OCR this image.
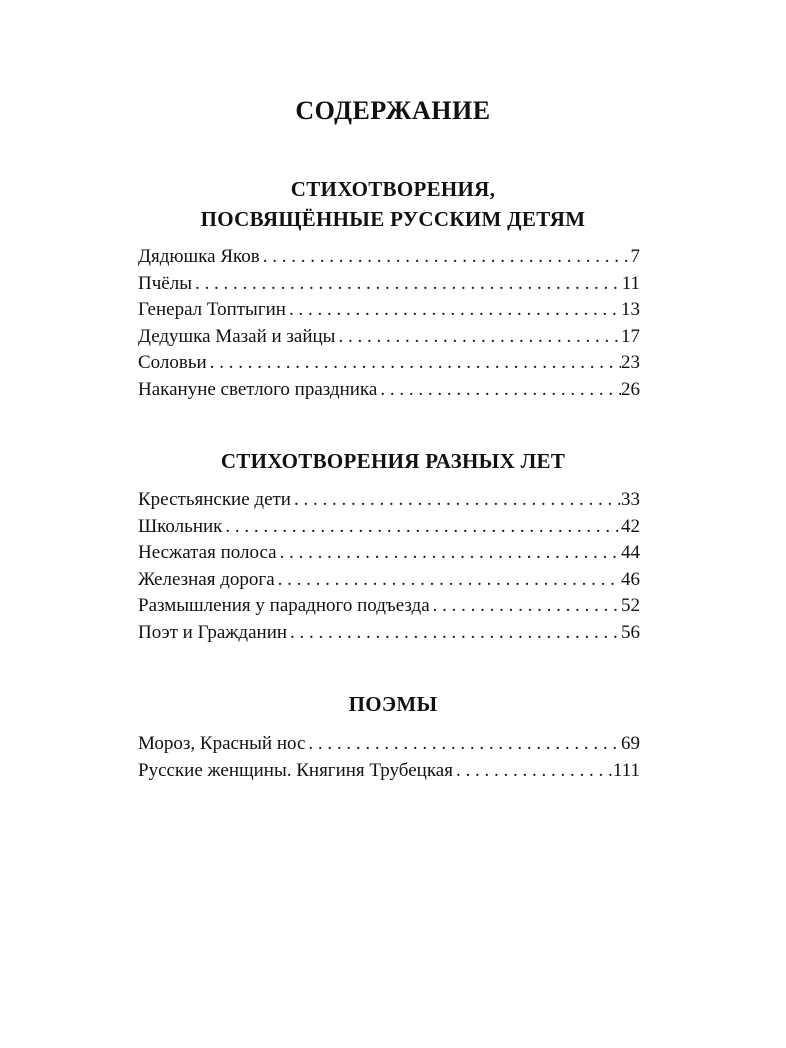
СОДЕРЖАНИЕ
СТИХОТВОРЕНИЯ,
ПОСВЯЩЁННЫЕ РУССКИМ ДЕТЯМ
Дядюшка Яков . . .	7
Пчёлы . . .	11
Генерал Топтыгин . . .	13
Дедушка Мазай и зайцы . . .	17
Соловьи . . .	23
Накануне светлого праздника . . .	26
СТИХОТВОРЕНИЯ РАЗНЫХ ЛЕТ
Крестьянские дети . . .	33
Школьник . . .	42
Несжатая полоса . . .	44
Железная дорога . . .	46
Размышления у парадного подъезда . . .	52
Поэт и Гражданин . . .	56
ПОЭМЫ
Мороз, Красный нос . . .	69
Русские женщины. Княгиня Трубецкая . . .	111
